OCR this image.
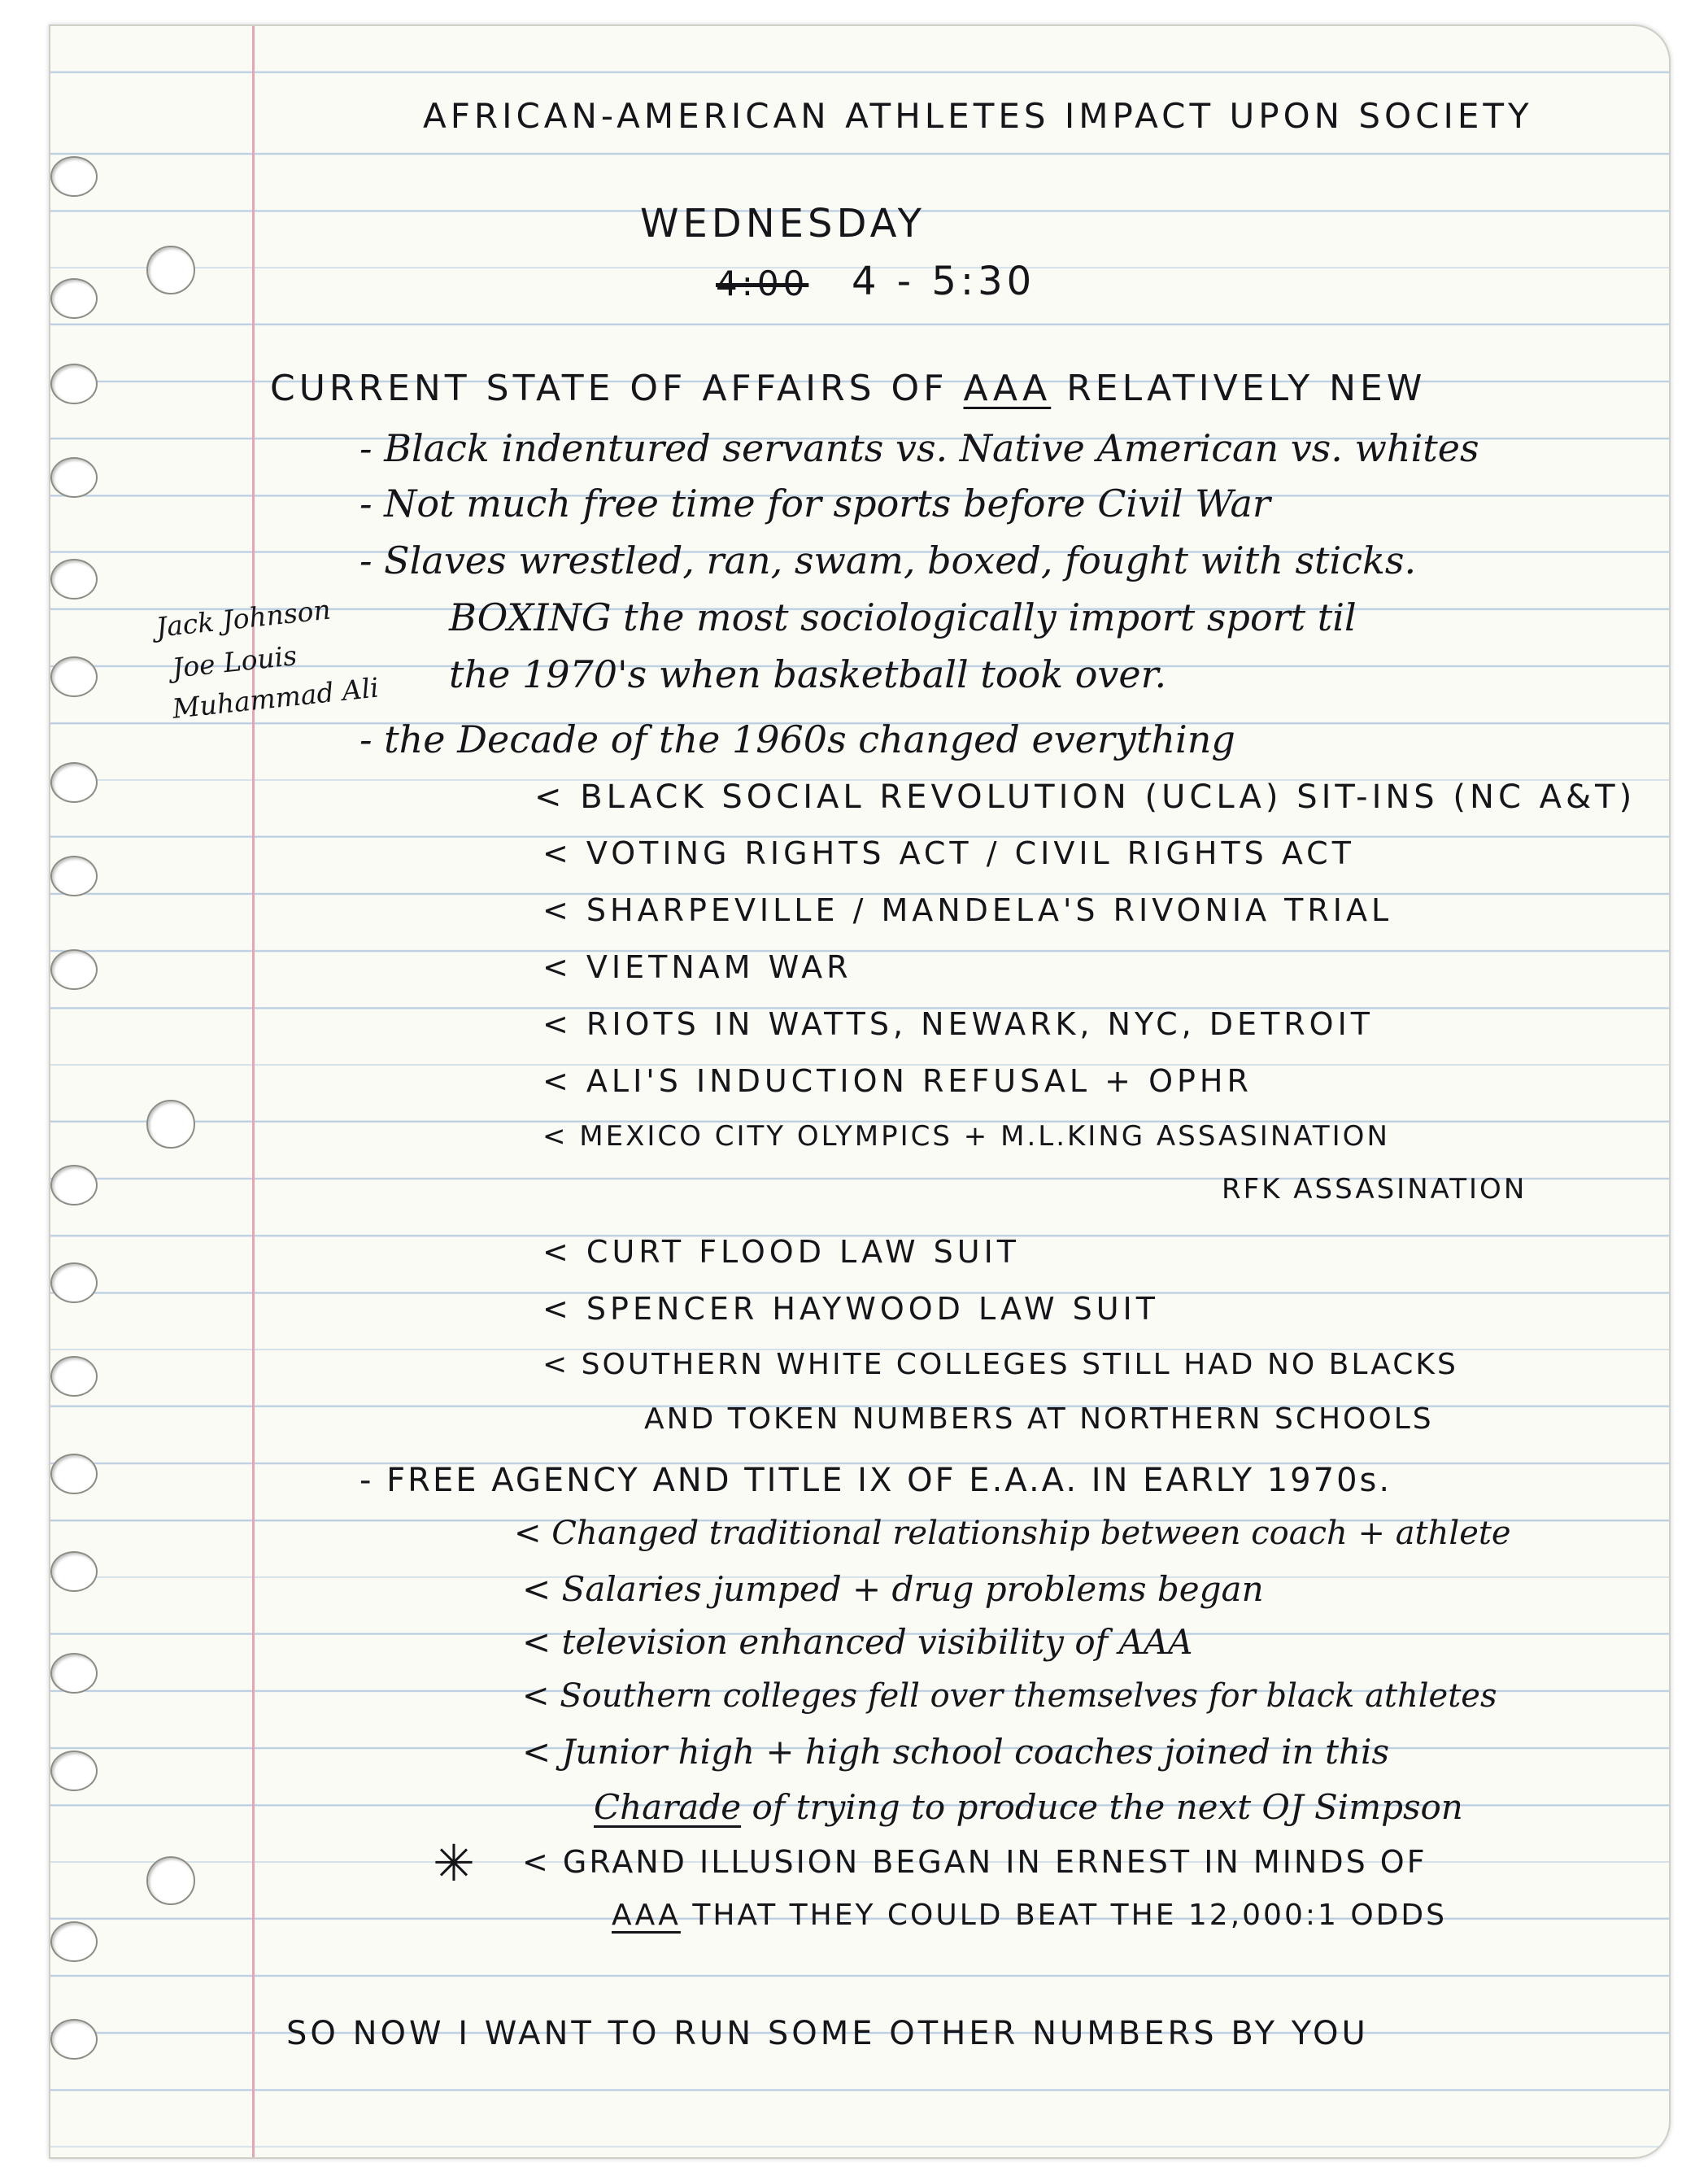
AFRICAN-AMERICAN ATHLETES IMPACT UPON SOCIETY
WEDNESDAY
4:00 4 - 5:30
CURRENT STATE OF AFFAIRS OF AAA RELATIVELY NEW
Jack Johnson
Joe Louis
Muhammad Ali
- Black indentured servants vs. Native American vs. whites
- Not much free time for sports before Civil War
- Slaves wrestled, ran, swam, boxed, fought with sticks.
BOXING the most sociologically import sport til
the 1970's when basketball took over.
- the Decade of the 1960s changed everything
< BLACK SOCIAL REVOLUTION (UCLA) SIT-INS (NC A&T)
< VOTING RIGHTS ACT / CIVIL RIGHTS ACT
< SHARPEVILLE / MANDELA'S RIVONIA TRIAL
< VIETNAM WAR
< RIOTS IN WATTS, NEWARK, NYC, DETROIT
< ALI'S INDUCTION REFUSAL + OPHR
< MEXICO CITY OLYMPICS + M.L.KING ASSASINATION
RFK ASSASINATION
< CURT FLOOD LAW SUIT
< SPENCER HAYWOOD LAW SUIT
< SOUTHERN WHITE COLLEGES STILL HAD NO BLACKS
AND TOKEN NUMBERS AT NORTHERN SCHOOLS
- FREE AGENCY AND TITLE IX OF E.A.A. IN EARLY 1970s.
< Changed traditional relationship between coach + athlete
< Salaries jumped + drug problems began
< television enhanced visibility of AAA
< Southern colleges fell over themselves for black athletes
< Junior high + high school coaches joined in this
Charade of trying to produce the next OJ Simpson
✳ < GRAND ILLUSION BEGAN IN ERNEST IN MINDS OF
AAA THAT THEY COULD BEAT THE 12,000:1 ODDS
SO NOW I WANT TO RUN SOME OTHER NUMBERS BY YOU
